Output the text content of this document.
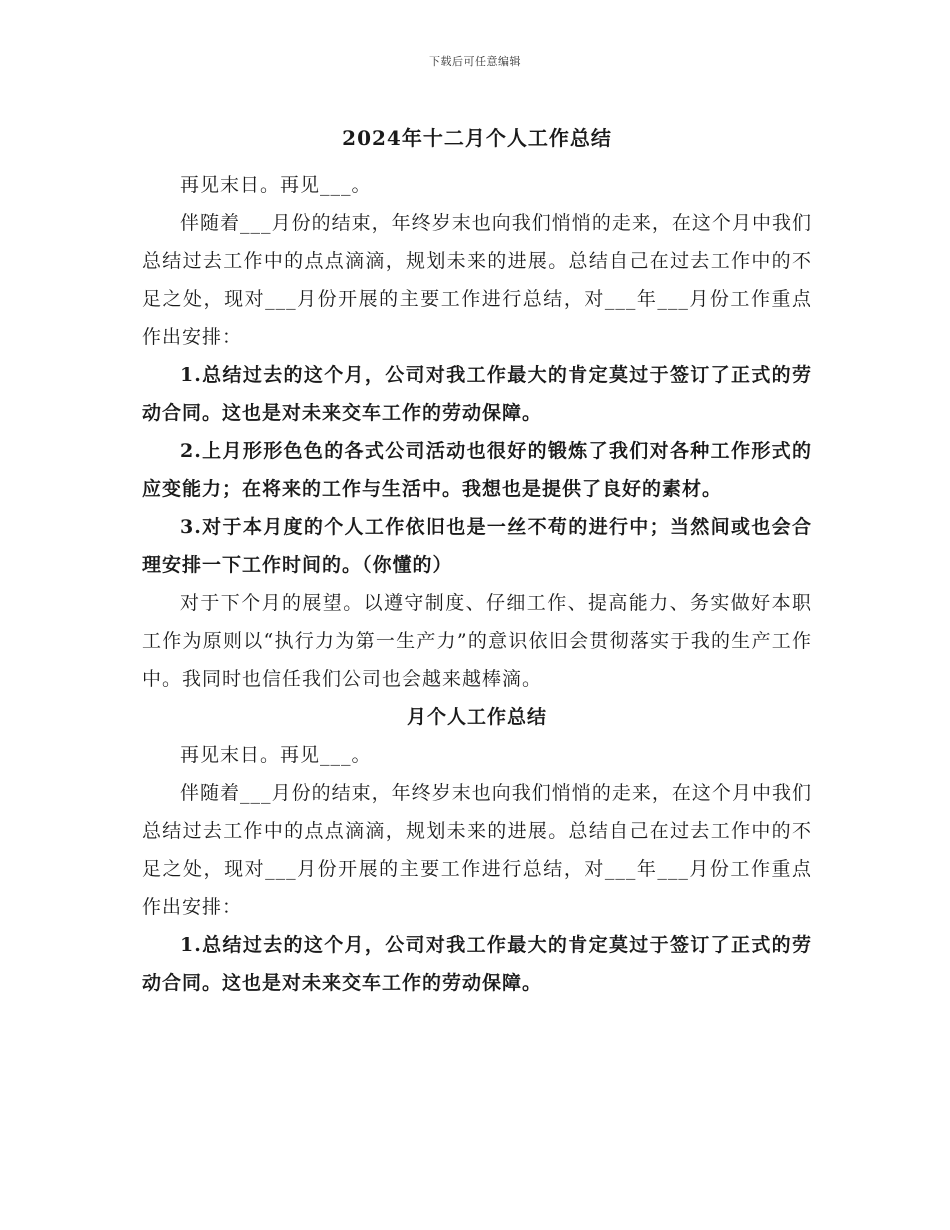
下载后可任意编辑
2024年十二月个人工作总结

再见末日。再见___。

伴随着___月份的结束，年终岁末也向我们悄悄的走来，在这个月中我们总结过去工作中的点点滴滴，规划未来的进展。总结自己在过去工作中的不足之处，现对___月份开展的主要工作进行总结，对___年___月份工作重点作出安排：

1.总结过去的这个月，公司对我工作最大的肯定莫过于签订了正式的劳动合同。这也是对未来交车工作的劳动保障。

2.上月形形色色的各式公司活动也很好的锻炼了我们对各种工作形式的应变能力；在将来的工作与生活中。我想也是提供了良好的素材。

3.对于本月度的个人工作依旧也是一丝不苟的进行中；当然间或也会合理安排一下工作时间的。（你懂的）

对于下个月的展望。以遵守制度、仔细工作、提高能力、务实做好本职工作为原则以“执行力为第一生产力”的意识依旧会贯彻落实于我的生产工作中。我同时也信任我们公司也会越来越棒滴。

月个人工作总结

再见末日。再见___。

伴随着___月份的结束，年终岁末也向我们悄悄的走来，在这个月中我们总结过去工作中的点点滴滴，规划未来的进展。总结自己在过去工作中的不足之处，现对___月份开展的主要工作进行总结，对___年___月份工作重点作出安排：

1.总结过去的这个月，公司对我工作最大的肯定莫过于签订了正式的劳动合同。这也是对未来交车工作的劳动保障。
